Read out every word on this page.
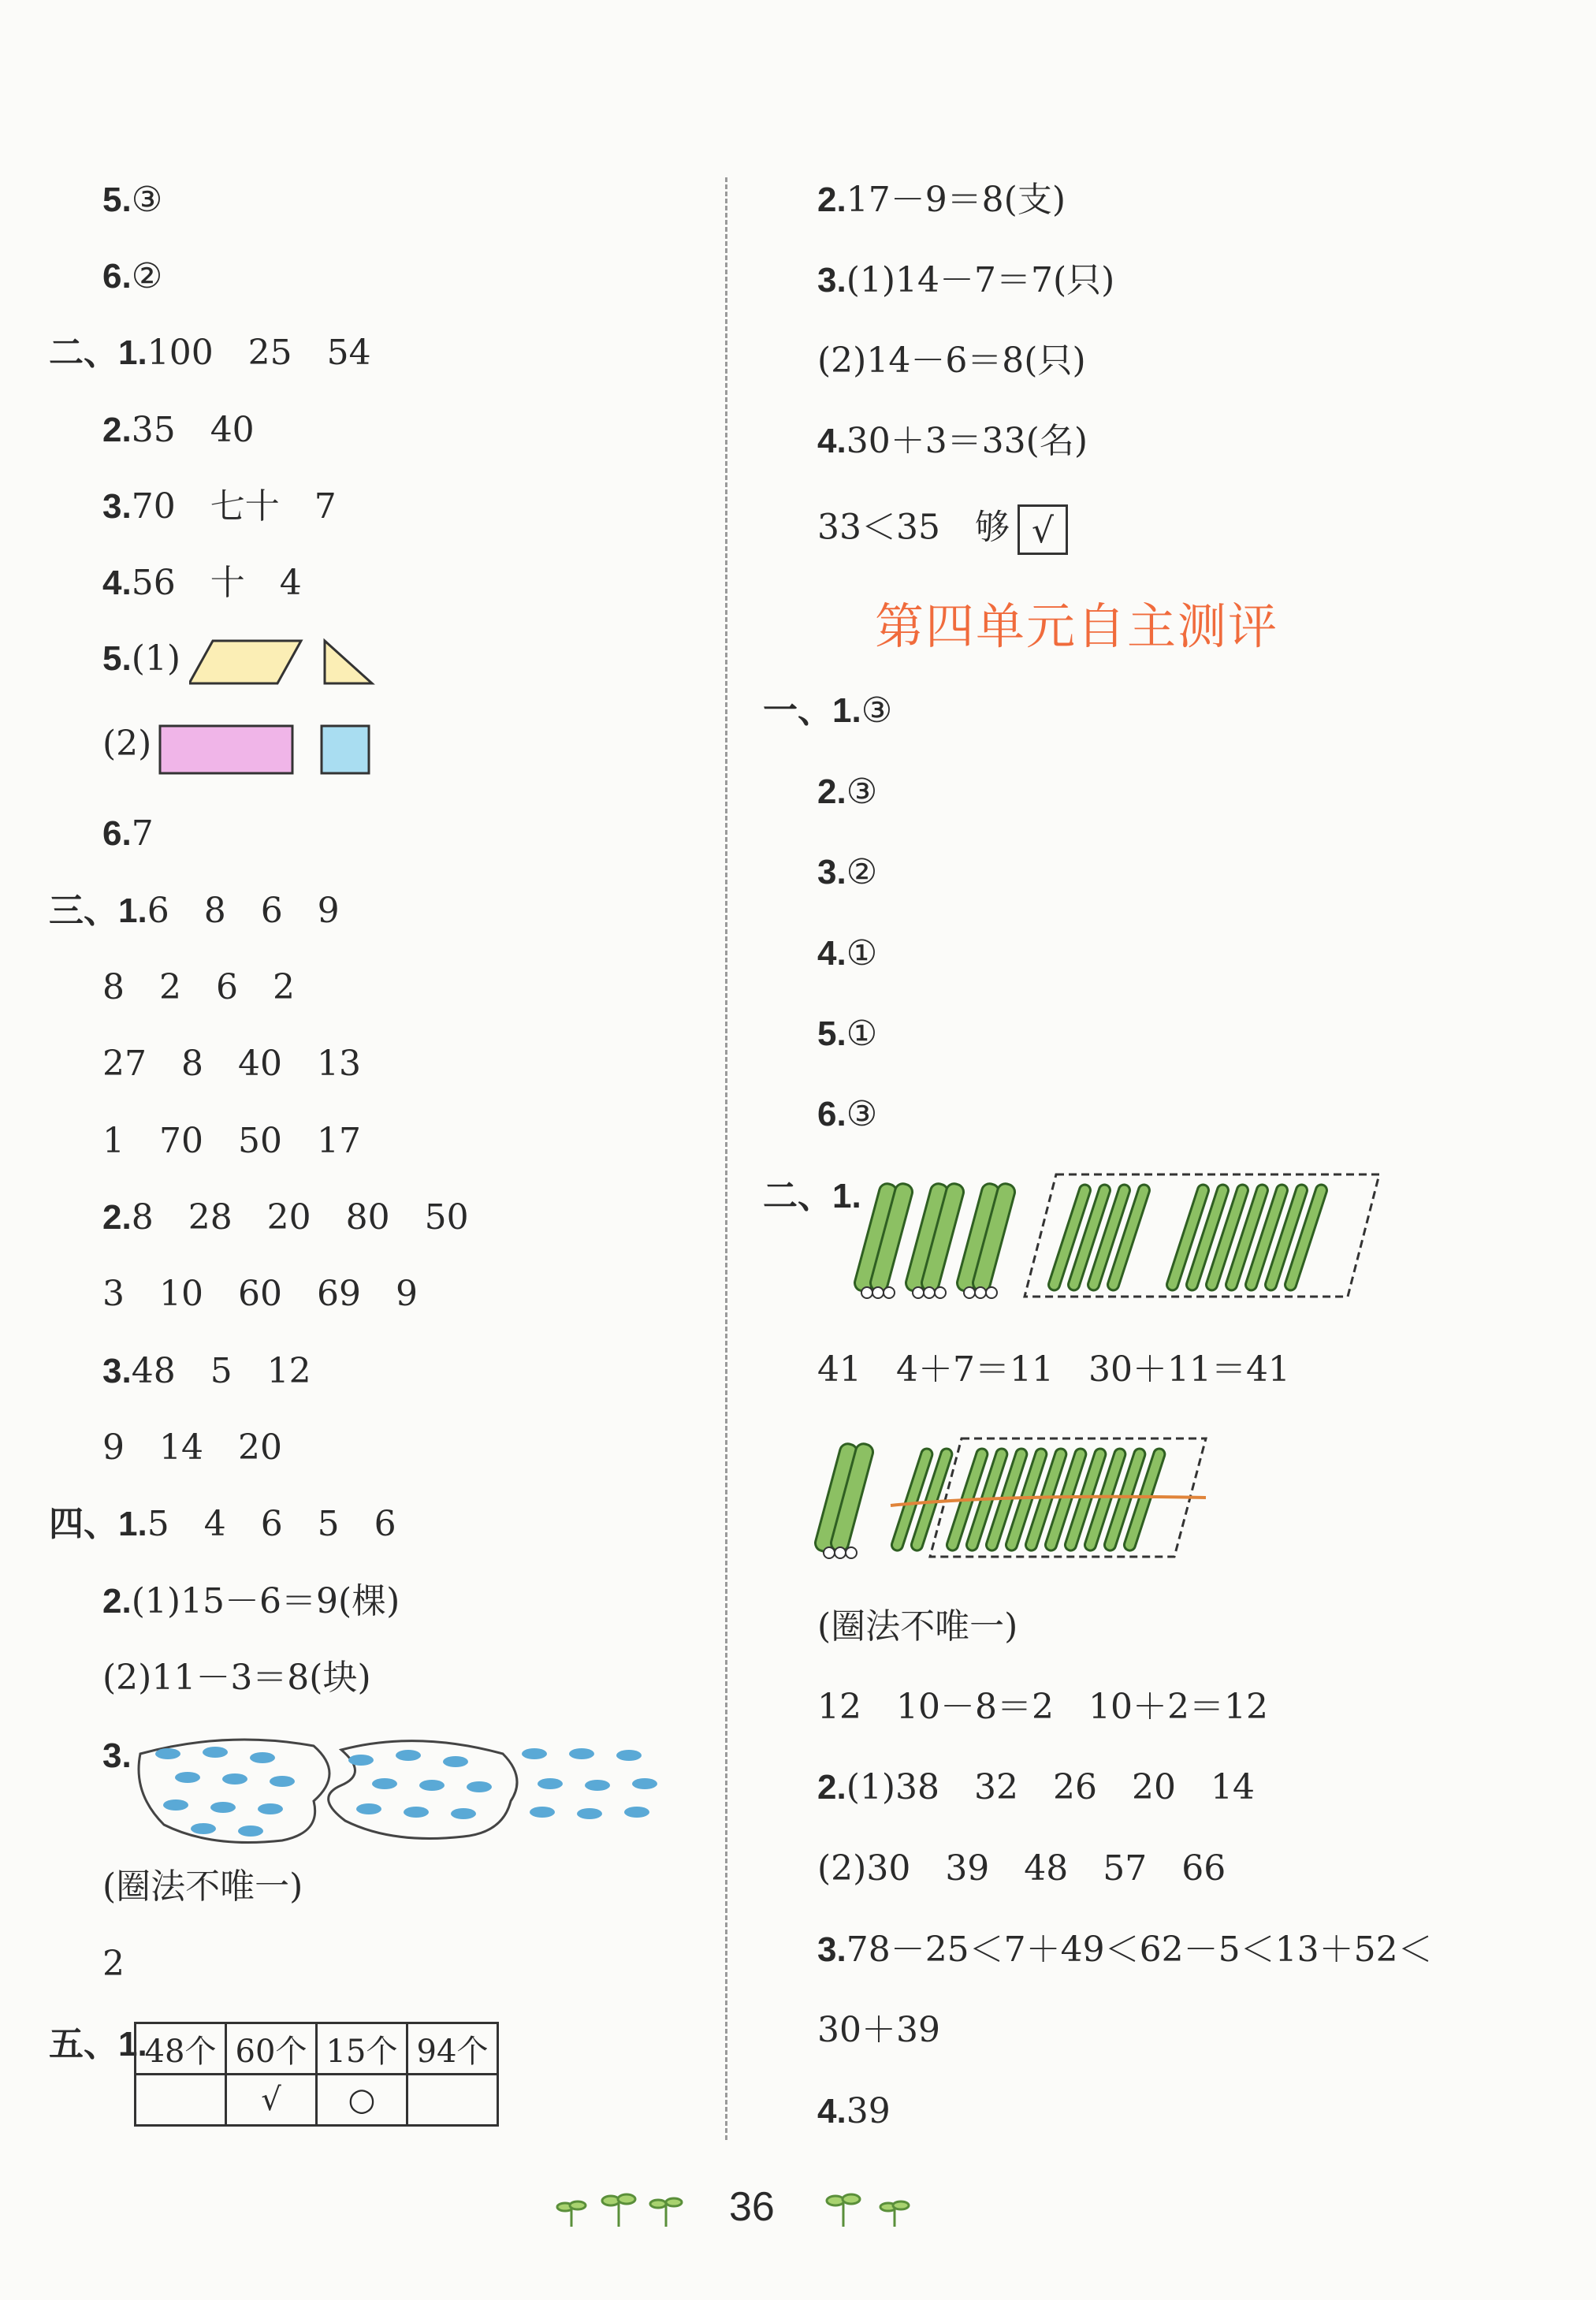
5.③
6.②
二、1.100　25　54
2.35　40
3.70　七十　7
4.56　十　4
5.(1)
(2)
6.7
三、1.6　8　6　9
8　2　6　2
27　8　40　13
1　70　50　17
2.8　28　20　80　50
3　10　60　69　9
3.48　5　12
9　14　20
四、1.5　4　6　5　6
2.(1)15－6＝9(棵)
(2)11－3＝8(块)
3.
(圈法不唯一)
2
五、1.
48个	60个	15个	94个
	√	○	
2.17－9＝8(支)
3.(1)14－7＝7(只)
(2)14－6＝8(只)
4.30＋3＝33(名)
33＜35　够 √
第四单元自主测评
一、1.③
2.③
3.②
4.①
5.①
6.③
二、1.
41　4＋7＝11　30＋11＝41
(圈法不唯一)
12　10－8＝2　10＋2＝12
2.(1)38　32　26　20　14
(2)30　39　48　57　66
3.78－25＜7＋49＜62－5＜13＋52＜
30＋39
4.39
36
